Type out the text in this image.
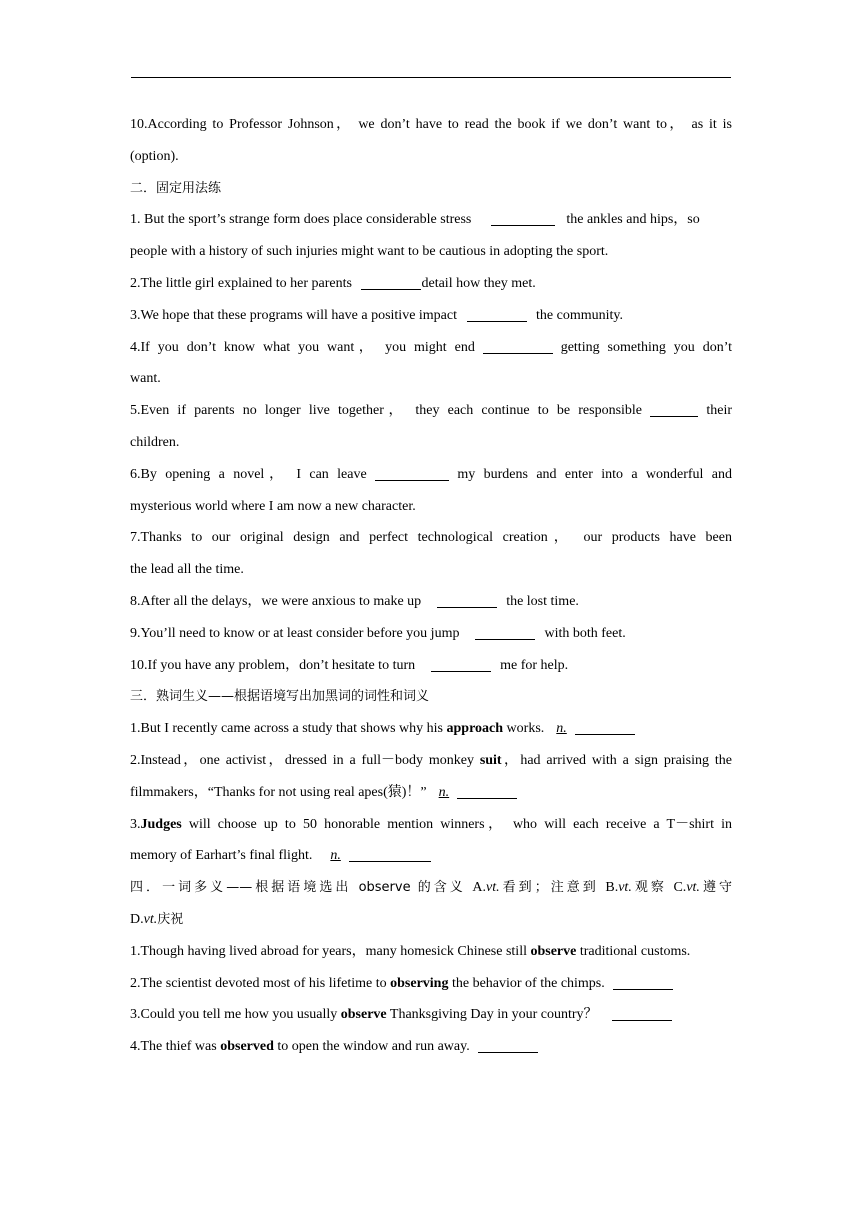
10.According to Professor Johnson， we don’t have to read the book if we don’t want to， as it is
(option).
二．固定用法练
1. But the sport’s strange form does place considerable stress	the ankles and hips，so
people with a history of such injuries might want to be cautious in adopting the sport.
2.The little girl explained to her parents	detail how they met.
3.We hope that these programs will have a positive impact	the community.
4.If you don’t know what you want， you might end	getting something you don’t
want.
5.Even if parents no longer live together， they each continue to be responsible	their
children.
6.By opening a novel， I can leave	my burdens and enter into a wonderful and
mysterious world where I am now a new character.
7.Thanks to our original design and perfect technological creation， our products have been
the lead all the time.
8.After all the delays，we were anxious to make up	the lost time.
9.You’ll need to know or at least consider before you jump	with both feet.
10.If you have any problem，don’t hesitate to turn	me for help.
三．熟词生义——根据语境写出加黑词的词性和词义
1.But I recently came across a study that shows why his approach works. n.
2.Instead，one activist，dressed in a full－body monkey suit，had arrived with a sign praising the
filmmakers，“Thanks for not using real apes(猿)！” n.
3.Judges will choose up to 50 honorable mention winners， who will each receive a T－shirt in
memory of Earhart’s final flight. n.
四．一词多义——根据语境选出 observe 的含义 A.vt.看到；注意到 B.vt.观察 C.vt.遵守
D.vt.庆祝
1.Though having lived abroad for years，many homesick Chinese still observe traditional customs.
2.The scientist devoted most of his lifetime to observing the behavior of the chimps.
3.Could you tell me how you usually observe Thanksgiving Day in your country？
4.The thief was observed to open the window and run away.
